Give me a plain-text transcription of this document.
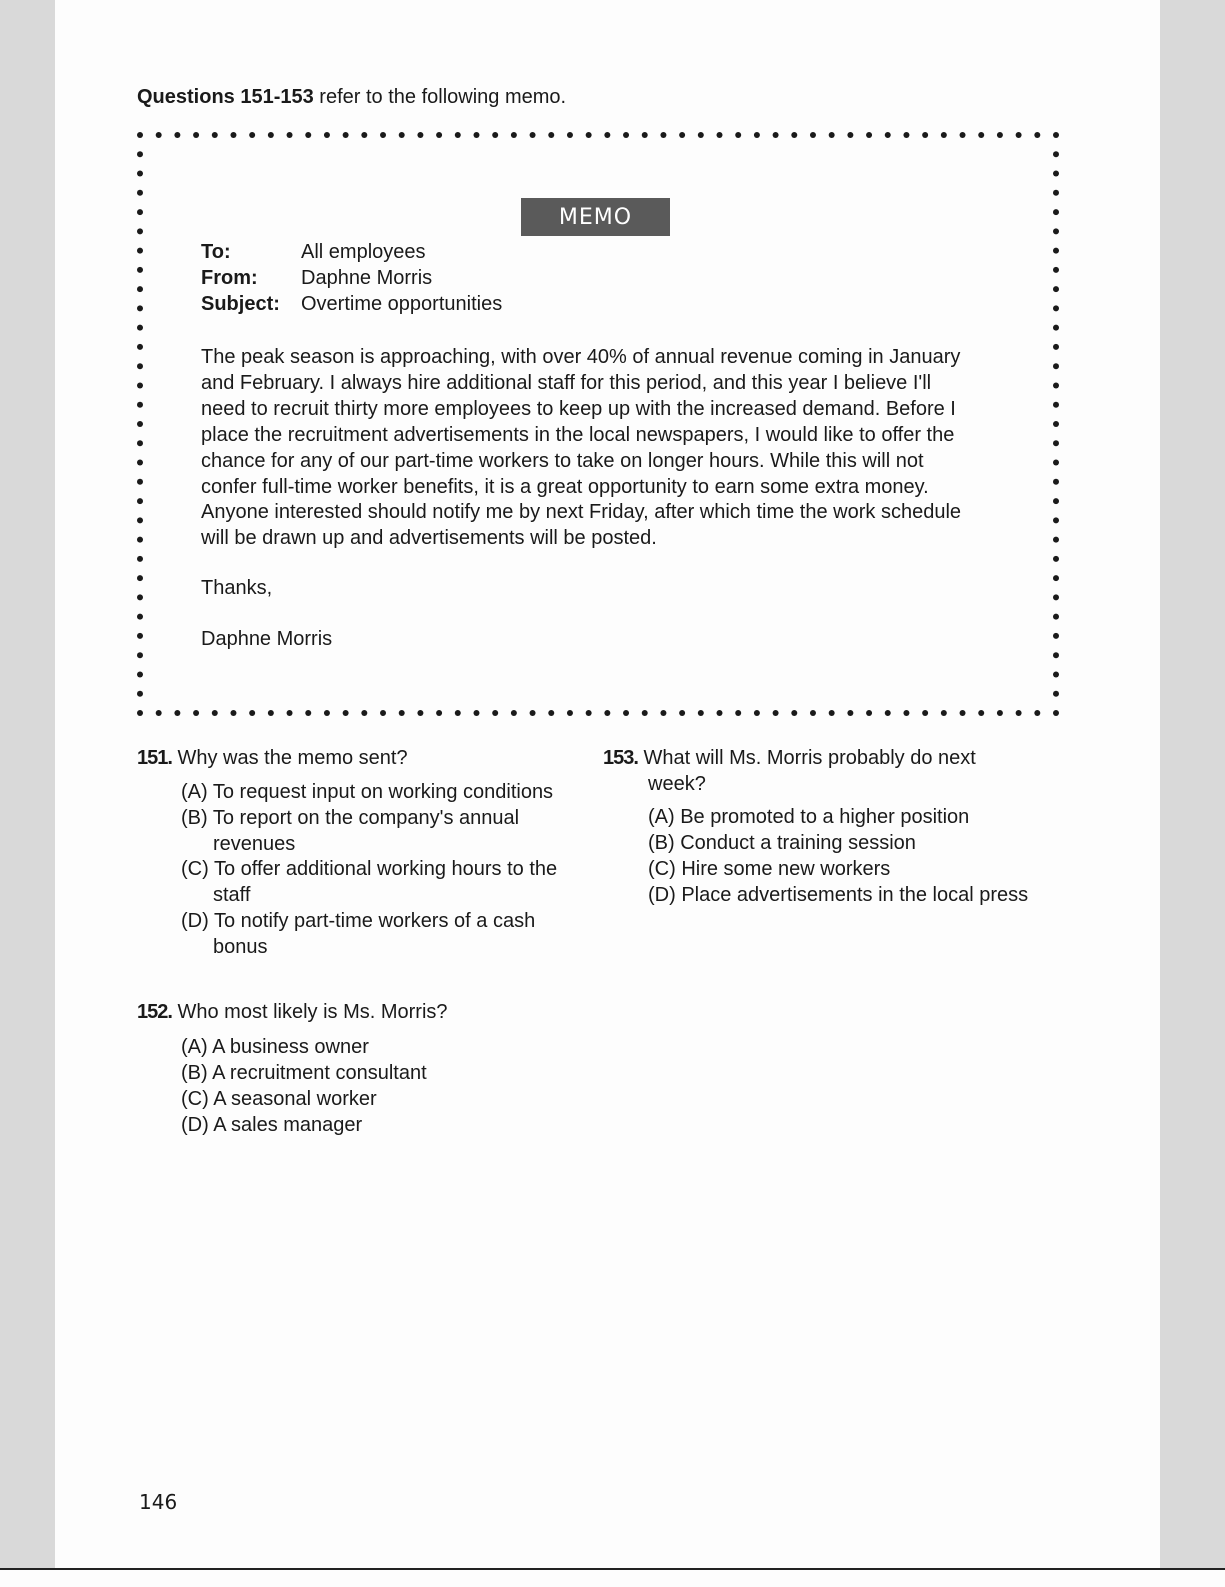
Questions 151-153 refer to the following memo.
MEMO
To:	All employees
From: Daphne Morris
Subject: Overtime opportunities
The peak season is approaching, with over 40% of annual revenue coming in January
and February. I always hire additional staff for this period, and this year I believe I'll
need to recruit thirty more employees to keep up with the increased demand. Before I
place the recruitment advertisements in the local newspapers, I would like to offer the
chance for any of our part-time workers to take on longer hours. While this will not
confer full-time worker benefits, it is a great opportunity to earn some extra money.
Anyone interested should notify me by next Friday, after which time the work schedule
will be drawn up and advertisements will be posted.
Thanks,
Daphne Morris
151. Why was the memo sent?
(A) To request input on working conditions
(B) To report on the company's annual
revenues
(C) To offer additional working hours to the
staff
(D) To notify part-time workers of a cash
bonus
152. Who most likely is Ms. Morris?
(A) A business owner
(B) A recruitment consultant
(C) A seasonal worker
(D) A sales manager
153. What will Ms. Morris probably do next
week?
(A) Be promoted to a higher position
(B) Conduct a training session
(C) Hire some new workers
(D) Place advertisements in the local press
146
